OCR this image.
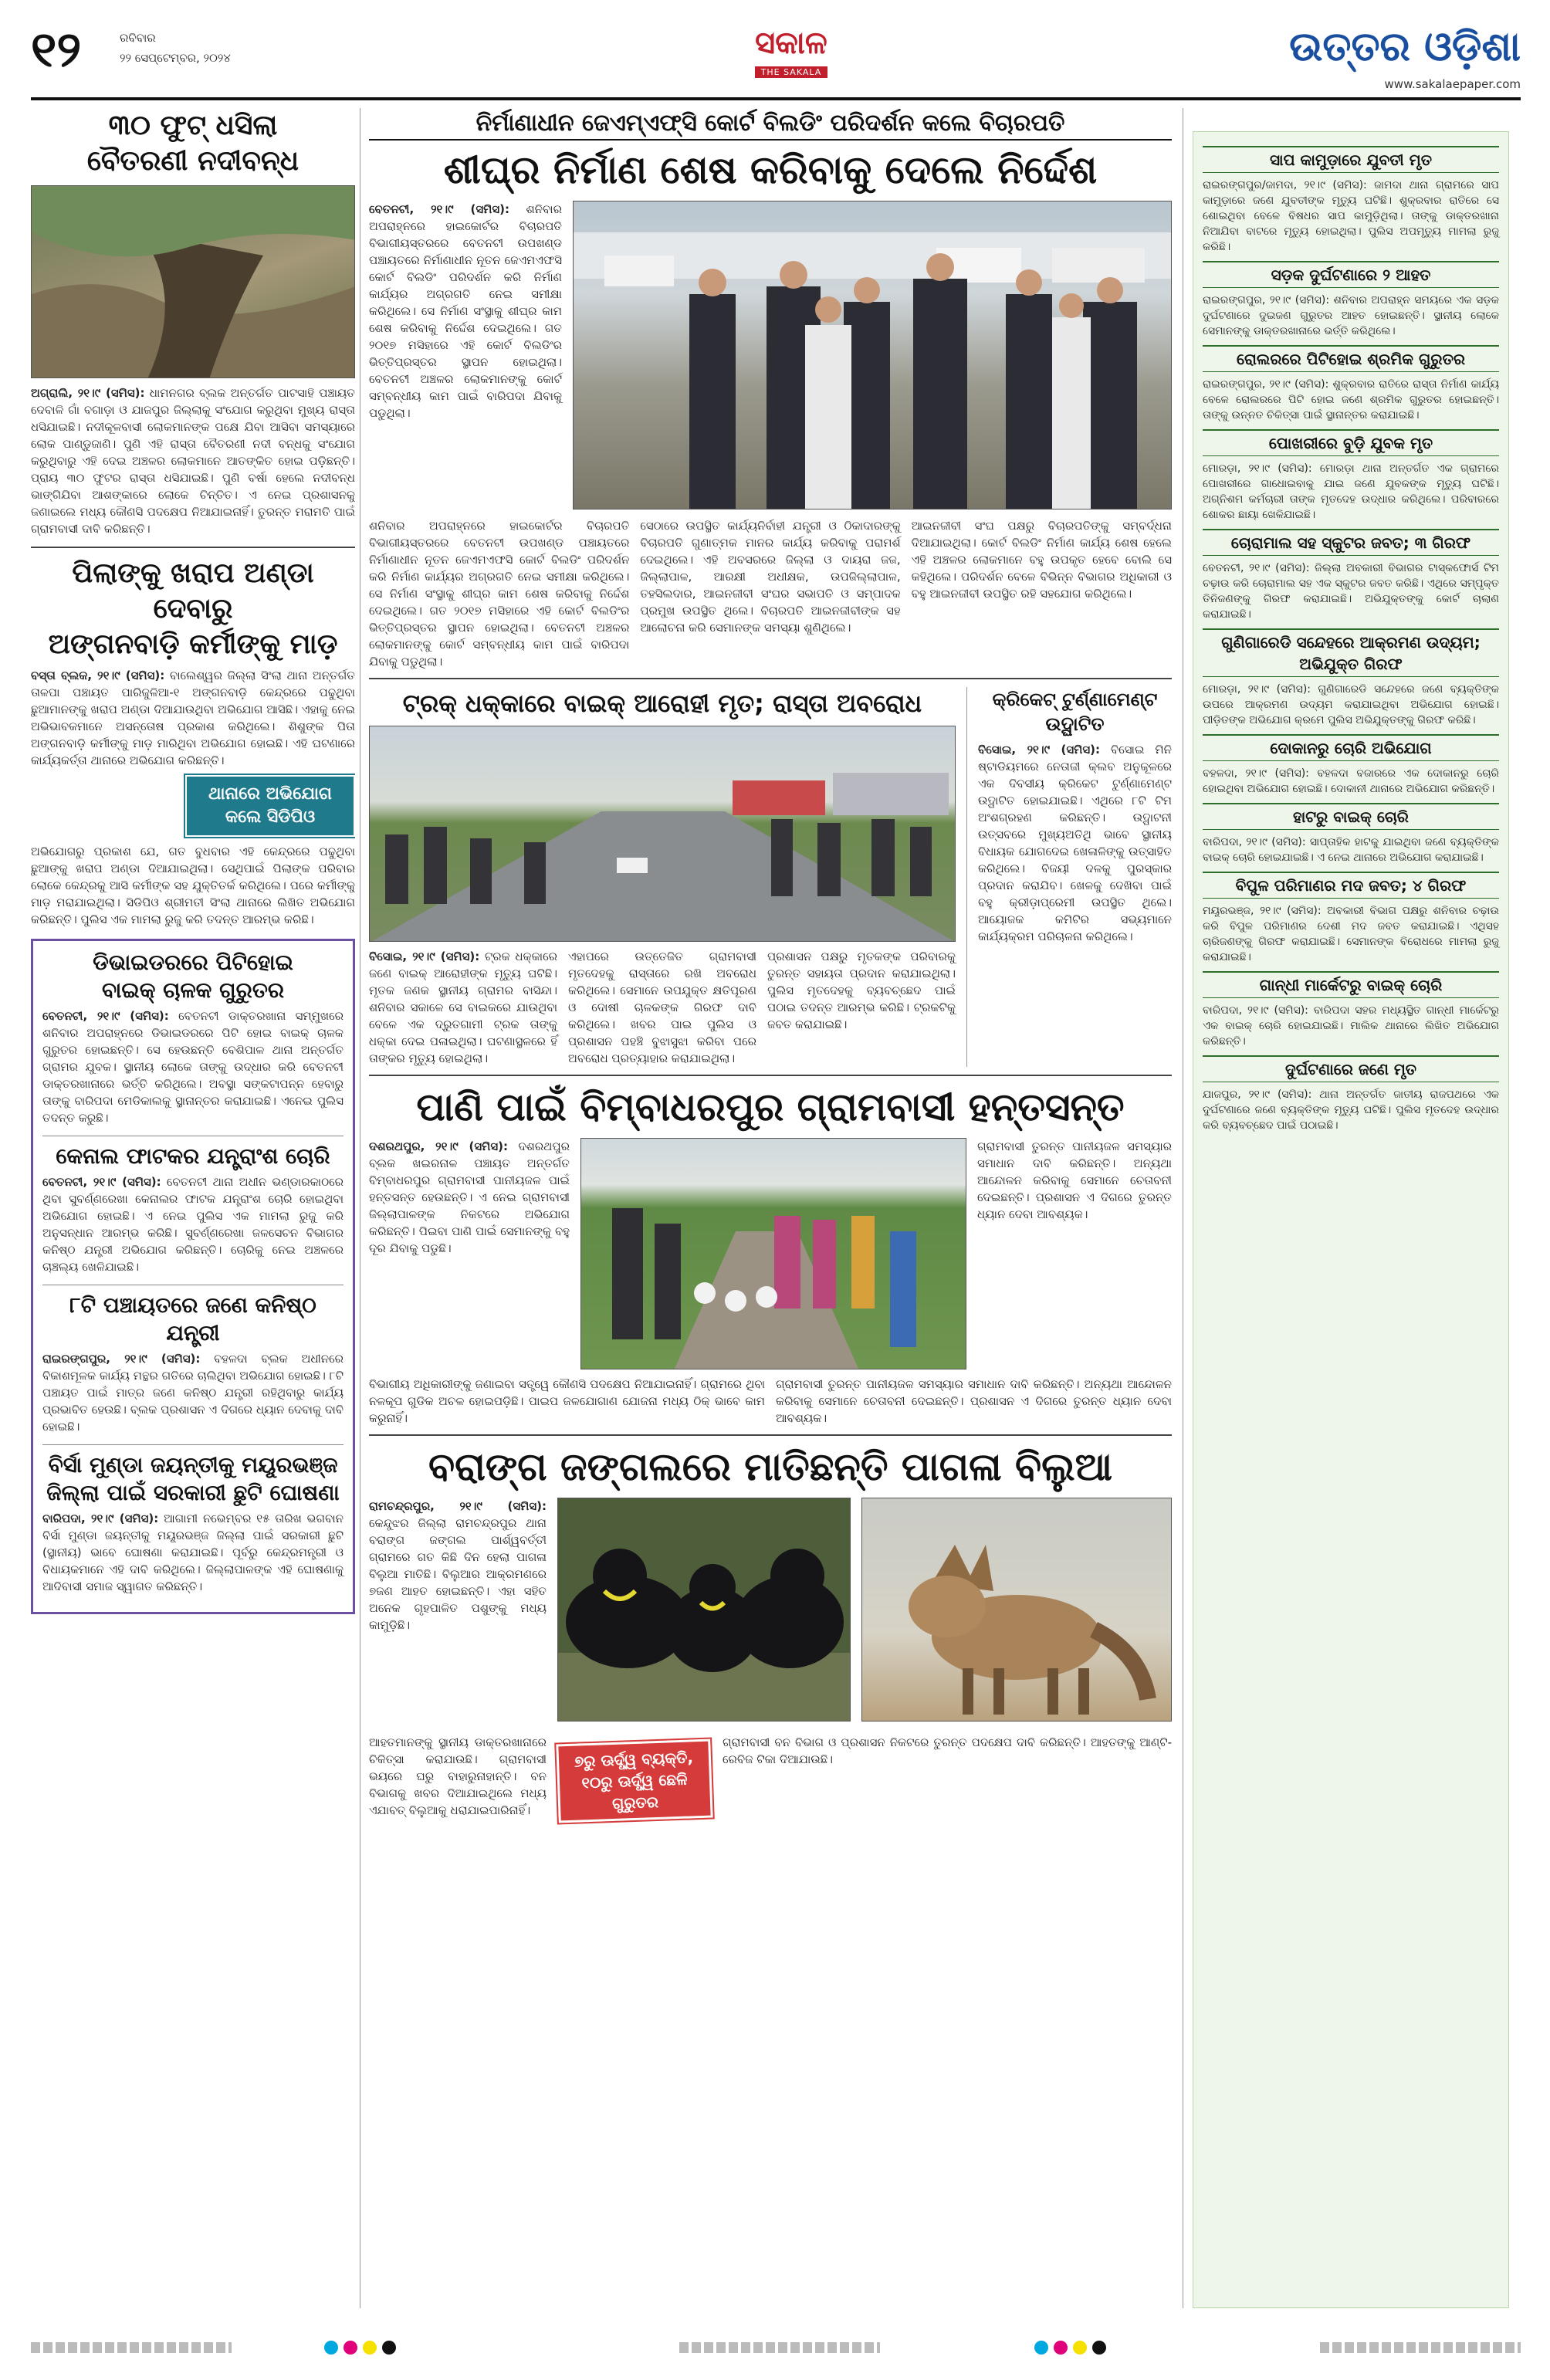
୧୨	ରବିବାର
୨୨ ସେପ୍ଟେମ୍ବର, ୨୦୨୪	ସକାଳ
THE SAKALA
ଉତ୍ତର ଓଡ଼ିଶା
www.sakalaepaper.com
୩୦ ଫୁଟ୍ ଧସିଲା
ବୈତରଣୀ ନଦୀବନ୍ଧ
ଅଗ୍ରାଲି, ୨୧।୯ (ସମିସ): ଧାମନଗର ବ୍ଲକ ଅନ୍ତର୍ଗତ ପାଟସାହି ପଞ୍ଚାୟତ ଦେବାଳି ଗାଁ ବଗାଡ଼ା ଓ ଯାଜପୁର ଜିଲ୍ଲାକୁ ସଂଯୋଗ କରୁଥିବା ମୁଖ୍ୟ ରାସ୍ତା ଧସିଯାଇଛି। ନଦୀକୂଳବାସୀ ଲୋକମାନଙ୍କ ପକ୍ଷେ ଯିବା ଆସିବା ସମସ୍ୟାରେ ଲୋକ ପାଣ୍ଡୁଜାଣି। ପୁଣି ଏହି ରାସ୍ତା ବୈତରଣୀ ନଦୀ ବନ୍ଧକୁ ସଂଯୋଗ କରୁଥିବାରୁ ଏହି ଦେଇ ଅଞ୍ଚଳର ଲୋକମାନେ ଆତଙ୍କିତ ହୋଇ ପଡ଼ିଛନ୍ତି। ପ୍ରାୟ ୩୦ ଫୁଟର ରାସ୍ତା ଧସିଯାଇଛି। ପୁଣି ବର୍ଷା ହେଲେ ନଦୀବନ୍ଧ ଭାଙ୍ଗିଯିବା ଆଶଙ୍କାରେ ଲୋକେ ଚିନ୍ତିତ। ଏ ନେଇ ପ୍ରଶାସନକୁ ଜଣାଇଲେ ମଧ୍ୟ କୌଣସି ପଦକ୍ଷେପ ନିଆଯାଇନାହିଁ। ତୁରନ୍ତ ମରାମତି ପାଇଁ ଗ୍ରାମବାସୀ ଦାବି କରିଛନ୍ତି।
ପିଲାଙ୍କୁ ଖରାପ ଅଣ୍ଡା ଦେବାରୁ
ଅଙ୍ଗନବାଡ଼ି କର୍ମୀଙ୍କୁ ମାଡ଼
ବସ୍ତା ବ୍ଲକ, ୨୧।୯ (ସମିସ): ବାଲେଶ୍ୱର ଜିଲ୍ଲା ସିଂଲା ଥାନା ଅନ୍ତର୍ଗତ ତାଳପା ପଞ୍ଚାୟତ ପାରିଜୁଳିଆ-୧ ଅଙ୍ଗନବାଡ଼ି କେନ୍ଦ୍ରରେ ପଢୁଥିବା ଛୁଆମାନଙ୍କୁ ଖରାପ ଅଣ୍ଡା ଦିଆଯାଉଥିବା ଅଭିଯୋଗ ଆସିଛି। ଏହାକୁ ନେଇ ଅଭିଭାବକମାନେ ଅସନ୍ତୋଷ ପ୍ରକାଶ କରିଥିଲେ। ଶିଶୁଙ୍କ ପିତା ଅଙ୍ଗନବାଡ଼ି କର୍ମୀଙ୍କୁ ମାଡ଼ ମାରିଥିବା ଅଭିଯୋଗ ହୋଇଛି। ଏହି ଘଟଣାରେ କାର୍ଯ୍ୟକର୍ତ୍ତା ଥାନାରେ ଅଭିଯୋଗ କରିଛନ୍ତି।
ଥାନାରେ ଅଭିଯୋଗ କଲେ ସିଡିପିଓ
ଅଭିଯୋଗରୁ ପ୍ରକାଶ ଯେ, ଗତ ବୁଧବାର ଏହି କେନ୍ଦ୍ରରେ ପଢୁଥିବା ଛୁଆଙ୍କୁ ଖରାପ ଅଣ୍ଡା ଦିଆଯାଇଥିଲା। ସେଥିପାଇଁ ପିଲାଙ୍କ ପରିବାର ଲୋକେ କେନ୍ଦ୍ରକୁ ଆସି କର୍ମୀଙ୍କ ସହ ଯୁକ୍ତିତର୍କ କରିଥିଲେ। ପରେ କର୍ମୀଙ୍କୁ ମାଡ଼ ମରାଯାଇଥିଲା। ସିଡିପିଓ ଶ୍ରୀମତୀ ସିଂଲା ଥାନାରେ ଲିଖିତ ଅଭିଯୋଗ କରିଛନ୍ତି। ପୁଲିସ ଏକ ମାମଲା ରୁଜୁ କରି ତଦନ୍ତ ଆରମ୍ଭ କରିଛି।
ଡିଭାଇଡରରେ ପିଟିହୋଇ
ବାଇକ୍ ଚାଳକ ଗୁରୁତର
ବେତନଟୀ, ୨୧।୯ (ସମିସ): ବେତନଟୀ ଡାକ୍ତରଖାନା ସମ୍ମୁଖରେ ଶନିବାର ଅପରାହ୍ନରେ ଡିଭାଇଡରରେ ପିଟି ହୋଇ ବାଇକ୍ ଚାଳକ ଗୁରୁତର ହୋଇଛନ୍ତି। ସେ ହେଉଛନ୍ତି ବେଶିପାଳ ଥାନା ଅନ୍ତର୍ଗତ ଗ୍ରାମର ଯୁବକ। ସ୍ଥାନୀୟ ଲୋକେ ତାଙ୍କୁ ଉଦ୍ଧାର କରି ବେତନଟୀ ଡାକ୍ତରଖାନାରେ ଭର୍ତ୍ତି କରିଥିଲେ। ଅବସ୍ଥା ସଙ୍କଟାପନ୍ନ ହେବାରୁ ତାଙ୍କୁ ବାରିପଦା ମେଡିକାଲକୁ ସ୍ଥାନାନ୍ତର କରାଯାଇଛି। ଏନେଇ ପୁଲିସ ତଦନ୍ତ କରୁଛି।
କେନାଲ ଫାଟକର ଯନ୍ତ୍ରାଂଶ ଚୋରି
ବେତନଟୀ, ୨୧।୯ (ସମିସ): ବେତନଟୀ ଥାନା ଅଧୀନ ଭଣ୍ଡାରକାଠରେ ଥିବା ସୁବର୍ଣ୍ଣରେଖା କେନାଲର ଫାଟକ ଯନ୍ତ୍ରାଂଶ ଚୋରି ହୋଇଥିବା ଅଭିଯୋଗ ହୋଇଛି। ଏ ନେଇ ପୁଲିସ ଏକ ମାମଲା ରୁଜୁ କରି ଅନୁସନ୍ଧାନ ଆରମ୍ଭ କରିଛି। ସୁବର୍ଣ୍ଣରେଖା ଜଳସେଚନ ବିଭାଗର କନିଷ୍ଠ ଯନ୍ତ୍ରୀ ଅଭିଯୋଗ କରିଛନ୍ତି। ଚୋରିକୁ ନେଇ ଅଞ୍ଚଳରେ ଚାଞ୍ଚଲ୍ୟ ଖେଳିଯାଇଛି।
୮ଟି ପଞ୍ଚାୟତରେ ଜଣେ କନିଷ୍ଠ ଯନ୍ତ୍ରୀ
ରାଇରଙ୍ଗପୁର, ୨୧।୯ (ସମିସ): ବହଳଦା ବ୍ଲକ ଅଧୀନରେ ବିକାଶମୂଳକ କାର୍ଯ୍ୟ ମନ୍ଥର ଗତିରେ ଚାଲିଥିବା ଅଭିଯୋଗ ହୋଇଛି। ୮ଟି ପଞ୍ଚାୟତ ପାଇଁ ମାତ୍ର ଜଣେ କନିଷ୍ଠ ଯନ୍ତ୍ରୀ ରହିଥିବାରୁ କାର୍ଯ୍ୟ ପ୍ରଭାବିତ ହେଉଛି। ବ୍ଲକ ପ୍ରଶାସନ ଏ ଦିଗରେ ଧ୍ୟାନ ଦେବାକୁ ଦାବି ହୋଇଛି।
ବିର୍ସା ମୁଣ୍ଡା ଜୟନ୍ତୀକୁ ମୟୂରଭଞ୍ଜ
ଜିଲ୍ଲା ପାଇଁ ସରକାରୀ ଛୁଟି ଘୋଷଣା
ବାରିପଦା, ୨୧।୯ (ସମିସ): ଆଗାମୀ ନଭେମ୍ବର ୧୫ ତାରିଖ ଭଗବାନ ବିର୍ସା ମୁଣ୍ଡା ଜୟନ୍ତୀକୁ ମୟୂରଭଞ୍ଜ ଜିଲ୍ଲା ପାଇଁ ସରକାରୀ ଛୁଟି (ସ୍ଥାନୀୟ) ଭାବେ ଘୋଷଣା କରାଯାଇଛି। ପୂର୍ବରୁ କେନ୍ଦ୍ରମନ୍ତ୍ରୀ ଓ ବିଧାୟକମାନେ ଏହି ଦାବି କରିଥିଲେ। ଜିଲ୍ଲାପାଳଙ୍କ ଏହି ଘୋଷଣାକୁ ଆଦିବାସୀ ସମାଜ ସ୍ୱାଗତ କରିଛନ୍ତି।
ନିର୍ମାଣାଧୀନ ଜେଏମ୍ଏଫ୍ସି କୋର୍ଟ ବିଲଡିଂ ପରିଦର୍ଶନ କଲେ ବିଚାରପତି
ଶୀଘ୍ର ନିର୍ମାଣ ଶେଷ କରିବାକୁ ଦେଲେ ନିର୍ଦ୍ଦେଶ
ବେତନଟୀ, ୨୧।୯ (ସମିସ): ଶନିବାର ଅପରାହ୍ନରେ ହାଇକୋର୍ଟର ବିଚାରପତି ବିଭାଗୀୟସ୍ତରରେ ବେତନଟୀ ଉପଖଣ୍ଡ ପଞ୍ଚାୟତରେ ନିର୍ମାଣାଧୀନ ନୂତନ ଜେଏମଏଫସି କୋର୍ଟ ବିଲଡିଂ ପରିଦର୍ଶନ କରି ନିର୍ମାଣ କାର୍ଯ୍ୟର ଅଗ୍ରଗତି ନେଇ ସମୀକ୍ଷା କରିଥିଲେ। ସେ ନିର୍ମାଣ ସଂସ୍ଥାକୁ ଶୀଘ୍ର କାମ ଶେଷ କରିବାକୁ ନିର୍ଦ୍ଦେଶ ଦେଇଥିଲେ। ଗତ ୨୦୧୭ ମସିହାରେ ଏହି କୋର୍ଟ ବିଲଡିଂର ଭିତ୍ତିପ୍ରସ୍ତର ସ୍ଥାପନ ହୋଇଥିଲା। ବେତନଟୀ ଅଞ୍ଚଳର ଲୋକମାନଙ୍କୁ କୋର୍ଟ ସମ୍ବନ୍ଧୀୟ କାମ ପାଇଁ ବାରିପଦା ଯିବାକୁ ପଡୁଥିଲା।
ଶନିବାର ଅପରାହ୍ନରେ ହାଇକୋର୍ଟର ବିଚାରପତି ବିଭାଗୀୟସ୍ତରରେ ବେତନଟୀ ଉପଖଣ୍ଡ ପଞ୍ଚାୟତରେ ନିର୍ମାଣାଧୀନ ନୂତନ ଜେଏମଏଫସି କୋର୍ଟ ବିଲଡିଂ ପରିଦର୍ଶନ କରି ନିର୍ମାଣ କାର୍ଯ୍ୟର ଅଗ୍ରଗତି ନେଇ ସମୀକ୍ଷା କରିଥିଲେ। ସେ ନିର୍ମାଣ ସଂସ୍ଥାକୁ ଶୀଘ୍ର କାମ ଶେଷ କରିବାକୁ ନିର୍ଦ୍ଦେଶ ଦେଇଥିଲେ। ଗତ ୨୦୧୭ ମସିହାରେ ଏହି କୋର୍ଟ ବିଲଡିଂର ଭିତ୍ତିପ୍ରସ୍ତର ସ୍ଥାପନ ହୋଇଥିଲା। ବେତନଟୀ ଅଞ୍ଚଳର ଲୋକମାନଙ୍କୁ କୋର୍ଟ ସମ୍ବନ୍ଧୀୟ କାମ ପାଇଁ ବାରିପଦା ଯିବାକୁ ପଡୁଥିଲା।
ସେଠାରେ ଉପସ୍ଥିତ କାର୍ଯ୍ୟନିର୍ବାହୀ ଯନ୍ତ୍ରୀ ଓ ଠିକାଦାରଙ୍କୁ ବିଚାରପତି ଗୁଣାତ୍ମକ ମାନର କାର୍ଯ୍ୟ କରିବାକୁ ପରାମର୍ଶ ଦେଇଥିଲେ। ଏହି ଅବସରରେ ଜିଲ୍ଲା ଓ ଦାୟରା ଜଜ, ଜିଲ୍ଲାପାଳ, ଆରକ୍ଷୀ ଅଧୀକ୍ଷକ, ଉପଜିଲ୍ଲାପାଳ, ତହସିଲଦାର, ଆଇନଜୀବୀ ସଂଘର ସଭାପତି ଓ ସମ୍ପାଦକ ପ୍ରମୁଖ ଉପସ୍ଥିତ ଥିଲେ। ବିଚାରପତି ଆଇନଜୀବୀଙ୍କ ସହ ଆଲୋଚନା କରି ସେମାନଙ୍କ ସମସ୍ୟା ଶୁଣିଥିଲେ।
ଆଇନଜୀବୀ ସଂଘ ପକ୍ଷରୁ ବିଚାରପତିଙ୍କୁ ସମ୍ବର୍ଦ୍ଧନା ଦିଆଯାଇଥିଲା। କୋର୍ଟ ବିଲଡିଂ ନିର୍ମାଣ କାର୍ଯ୍ୟ ଶେଷ ହେଲେ ଏହି ଅଞ୍ଚଳର ଲୋକମାନେ ବହୁ ଉପକୃତ ହେବେ ବୋଲି ସେ କହିଥିଲେ। ପରିଦର୍ଶନ ବେଳେ ବିଭିନ୍ନ ବିଭାଗର ଅଧିକାରୀ ଓ ବହୁ ଆଇନଜୀବୀ ଉପସ୍ଥିତ ରହି ସହଯୋଗ କରିଥିଲେ।
ଟ୍ରକ୍ ଧକ୍କାରେ ବାଇକ୍ ଆରୋହୀ ମୃତ; ରାସ୍ତା ଅବରୋଧ
ବିସୋଇ, ୨୧।୯ (ସମିସ): ଟ୍ରକ ଧକ୍କାରେ ଜଣେ ବାଇକ୍ ଆରୋହୀଙ୍କ ମୃତ୍ୟୁ ଘଟିଛି। ମୃତକ ଜଣକ ସ୍ଥାନୀୟ ଗ୍ରାମର ବାସିନ୍ଦା। ଶନିବାର ସକାଳେ ସେ ବାଇକରେ ଯାଉଥିବା ବେଳେ ଏକ ଦ୍ରୁତଗାମୀ ଟ୍ରକ ତାଙ୍କୁ ଧକ୍କା ଦେଇ ପଳାଇଥିଲା। ଘଟଣାସ୍ଥଳରେ ହିଁ ତାଙ୍କର ମୃତ୍ୟୁ ହୋଇଥିଲା।
ଏହାପରେ ଉତ୍ତେଜିତ ଗ୍ରାମବାସୀ ମୃତଦେହକୁ ରାସ୍ତାରେ ରଖି ଅବରୋଧ କରିଥିଲେ। ସେମାନେ ଉପଯୁକ୍ତ କ୍ଷତିପୂରଣ ଓ ଦୋଷୀ ଚାଳକଙ୍କ ଗିରଫ ଦାବି କରିଥିଲେ। ଖବର ପାଇ ପୁଲିସ ଓ ପ୍ରଶାସନ ପହଞ୍ଚି ବୁଝାସୁଝା କରିବା ପରେ ଅବରୋଧ ପ୍ରତ୍ୟାହାର କରାଯାଇଥିଲା।
ପ୍ରଶାସନ ପକ୍ଷରୁ ମୃତକଙ୍କ ପରିବାରକୁ ତୁରନ୍ତ ସହାୟତା ପ୍ରଦାନ କରାଯାଇଥିଲା। ପୁଲିସ ମୃତଦେହକୁ ବ୍ୟବଚ୍ଛେଦ ପାଇଁ ପଠାଇ ତଦନ୍ତ ଆରମ୍ଭ କରିଛି। ଟ୍ରକଟିକୁ ଜବତ କରାଯାଇଛି।
କ୍ରିକେଟ୍ ଟୁର୍ଣ୍ଣାମେଣ୍ଟ ଉଦ୍ଘାଟିତ
ବିସୋଇ, ୨୧।୯ (ସମିସ): ବିସୋଇ ମିନି ଷ୍ଟାଡିୟମରେ ନେତାଜୀ କ୍ଲବ ଅନୁକୂଳରେ ଏକ ଦିବସୀୟ କ୍ରିକେଟ ଟୁର୍ଣ୍ଣାମେଣ୍ଟ ଉଦ୍ଘାଟିତ ହୋଇଯାଇଛି। ଏଥିରେ ୮ଟି ଟିମ ଅଂଶଗ୍ରହଣ କରିଛନ୍ତି। ଉଦ୍ଘାଟନୀ ଉତ୍ସବରେ ମୁଖ୍ୟଅତିଥି ଭାବେ ସ୍ଥାନୀୟ ବିଧାୟକ ଯୋଗଦେଇ ଖେଳାଳିଙ୍କୁ ଉତ୍ସାହିତ କରିଥିଲେ। ବିଜୟୀ ଦଳକୁ ପୁରସ୍କାର ପ୍ରଦାନ କରାଯିବ। ଖେଳକୁ ଦେଖିବା ପାଇଁ ବହୁ କ୍ରୀଡ଼ାପ୍ରେମୀ ଉପସ୍ଥିତ ଥିଲେ। ଆୟୋଜକ କମିଟିର ସଭ୍ୟମାନେ କାର୍ଯ୍ୟକ୍ରମ ପରିଚାଳନା କରିଥିଲେ।
ପାଣି ପାଇଁ ବିମ୍ବାଧରପୁର ଗ୍ରାମବାସୀ ହନ୍ତସନ୍ତ
ଦଶରଥପୁର, ୨୧।୯ (ସମିସ): ଦଶରଥପୁର ବ୍ଲକ ଖଇରନାଳ ପଞ୍ଚାୟତ ଅନ୍ତର୍ଗତ ବିମ୍ବାଧରପୁର ଗ୍ରାମବାସୀ ପାନୀୟଜଳ ପାଇଁ ହନ୍ତସନ୍ତ ହେଉଛନ୍ତି। ଏ ନେଇ ଗ୍ରାମବାସୀ ଜିଲ୍ଲାପାଳଙ୍କ ନିକଟରେ ଅଭିଯୋଗ କରିଛନ୍ତି। ପିଇବା ପାଣି ପାଇଁ ସେମାନଙ୍କୁ ବହୁ ଦୂର ଯିବାକୁ ପଡୁଛି।
ଗ୍ରାମବାସୀ ତୁରନ୍ତ ପାନୀୟଜଳ ସମସ୍ୟାର ସମାଧାନ ଦାବି କରିଛନ୍ତି। ଅନ୍ୟଥା ଆନ୍ଦୋଳନ କରିବାକୁ ସେମାନେ ଚେତାବନୀ ଦେଇଛନ୍ତି। ପ୍ରଶାସନ ଏ ଦିଗରେ ତୁରନ୍ତ ଧ୍ୟାନ ଦେବା ଆବଶ୍ୟକ।
ବିଭାଗୀୟ ଅଧିକାରୀଙ୍କୁ ଜଣାଇବା ସତ୍ତ୍ୱେ କୌଣସି ପଦକ୍ଷେପ ନିଆଯାଇନାହିଁ। ଗ୍ରାମରେ ଥିବା ନଳକୂପ ଗୁଡିକ ଅଚଳ ହୋଇପଡ଼ିଛି। ପାଇପ ଜଳଯୋଗାଣ ଯୋଜନା ମଧ୍ୟ ଠିକ୍ ଭାବେ କାମ କରୁନାହିଁ।
ଗ୍ରାମବାସୀ ତୁରନ୍ତ ପାନୀୟଜଳ ସମସ୍ୟାର ସମାଧାନ ଦାବି କରିଛନ୍ତି। ଅନ୍ୟଥା ଆନ୍ଦୋଳନ କରିବାକୁ ସେମାନେ ଚେତାବନୀ ଦେଇଛନ୍ତି। ପ୍ରଶାସନ ଏ ଦିଗରେ ତୁରନ୍ତ ଧ୍ୟାନ ଦେବା ଆବଶ୍ୟକ।
ବରାଙ୍ଗ ଜଙ୍ଗଲରେ ମାତିଛନ୍ତି ପାଗଳା ବିଲୁଆ
ରାମଚନ୍ଦ୍ରପୁର, ୨୧।୯ (ସମିସ): କେନ୍ଦୁଝର ଜିଲ୍ଲା ରାମଚନ୍ଦ୍ରପୁର ଥାନା ବରାଙ୍ଗ ଜଙ୍ଗଲ ପାର୍ଶ୍ୱବର୍ତ୍ତୀ ଗ୍ରାମରେ ଗତ କିଛି ଦିନ ହେଲା ପାଗଳା ବିଲୁଆ ମାତିଛି। ବିଲୁଆର ଆକ୍ରମଣରେ ୭ଜଣ ଆହତ ହୋଇଛନ୍ତି। ଏହା ସହିତ ଅନେକ ଗୃହପାଳିତ ପଶୁଙ୍କୁ ମଧ୍ୟ କାମୁଡ଼ିଛି।
ଆହତମାନଙ୍କୁ ସ୍ଥାନୀୟ ଡାକ୍ତରଖାନାରେ ଚିକିତ୍ସା କରାଯାଉଛି। ଗ୍ରାମବାସୀ ଭୟରେ ଘରୁ ବାହାରୁନାହାନ୍ତି। ବନ ବିଭାଗକୁ ଖବର ଦିଆଯାଇଥିଲେ ମଧ୍ୟ ଏଯାବତ୍ ବିଲୁଆକୁ ଧରାଯାଇପାରିନାହିଁ।
୭ରୁ ଊର୍ଦ୍ଧ୍ୱ ବ୍ୟକ୍ତି,
୧୦ରୁ ଊର୍ଦ୍ଧ୍ୱ ଛେଳି
ଗୁରୁତର
ଗ୍ରାମବାସୀ ବନ ବିଭାଗ ଓ ପ୍ରଶାସନ ନିକଟରେ ତୁରନ୍ତ ପଦକ୍ଷେପ ଦାବି କରିଛନ୍ତି। ଆହତଙ୍କୁ ଆଣ୍ଟି-ରେବିଜ ଟିକା ଦିଆଯାଉଛି।
ସାପ କାମୁଡ଼ାରେ ଯୁବତୀ ମୃତ
ରାଇରଙ୍ଗପୁର/ଜାମଦା, ୨୧।୯ (ସମିସ): ଜାମଦା ଥାନା ଗ୍ରାମରେ ସାପ କାମୁଡ଼ାରେ ଜଣେ ଯୁବତୀଙ୍କ ମୃତ୍ୟୁ ଘଟିଛି। ଶୁକ୍ରବାର ରାତିରେ ସେ ଶୋଇଥିବା ବେଳେ ବିଷଧର ସାପ କାମୁଡ଼ିଥିଲା। ତାଙ୍କୁ ଡାକ୍ତରଖାନା ନିଆଯିବା ବାଟରେ ମୃତ୍ୟୁ ହୋଇଥିଲା। ପୁଲିସ ଅପମୃତ୍ୟୁ ମାମଲା ରୁଜୁ କରିଛି।
ସଡ଼କ ଦୁର୍ଘଟଣାରେ ୨ ଆହତ
ରାଇରଙ୍ଗପୁର, ୨୧।୯ (ସମିସ): ଶନିବାର ଅପରାହ୍ନ ସମୟରେ ଏକ ସଡ଼କ ଦୁର୍ଘଟଣାରେ ଦୁଇଜଣ ଗୁରୁତର ଆହତ ହୋଇଛନ୍ତି। ସ୍ଥାନୀୟ ଲୋକେ ସେମାନଙ୍କୁ ଡାକ୍ତରଖାନାରେ ଭର୍ତ୍ତି କରିଥିଲେ।
ରୋଲରରେ ପିଟିହୋଇ ଶ୍ରମିକ ଗୁରୁତର
ରାଇରଙ୍ଗପୁର, ୨୧।୯ (ସମିସ): ଶୁକ୍ରବାର ରାତିରେ ରାସ୍ତା ନିର୍ମାଣ କାର୍ଯ୍ୟ ବେଳେ ରୋଲରରେ ପିଟି ହୋଇ ଜଣେ ଶ୍ରମିକ ଗୁରୁତର ହୋଇଛନ୍ତି। ତାଙ୍କୁ ଉନ୍ନତ ଚିକିତ୍ସା ପାଇଁ ସ୍ଥାନାନ୍ତର କରାଯାଇଛି।
ପୋଖରୀରେ ବୁଡ଼ି ଯୁବକ ମୃତ
ମୋରଡ଼ା, ୨୧।୯ (ସମିସ): ମୋରଡ଼ା ଥାନା ଅନ୍ତର୍ଗତ ଏକ ଗ୍ରାମରେ ପୋଖରୀରେ ଗାଧୋଇବାକୁ ଯାଇ ଜଣେ ଯୁବକଙ୍କ ମୃତ୍ୟୁ ଘଟିଛି। ଅଗ୍ନିଶମ କର୍ମଚାରୀ ତାଙ୍କ ମୃତଦେହ ଉଦ୍ଧାର କରିଥିଲେ। ପରିବାରରେ ଶୋକର ଛାୟା ଖେଳିଯାଇଛି।
ଚୋରାମାଲ ସହ ସ୍କୁଟର ଜବତ; ୩ ଗିରଫ
ବେତନଟୀ, ୨୧।୯ (ସମିସ): ଜିଲ୍ଲା ଅବକାରୀ ବିଭାଗର ଟାସ୍କଫୋର୍ସ ଟିମ ଚଢ଼ାଉ କରି ଚୋରାମାଲ ସହ ଏକ ସ୍କୁଟର ଜବତ କରିଛି। ଏଥିରେ ସମ୍ପୃକ୍ତ ତିନିଜଣଙ୍କୁ ଗିରଫ କରାଯାଇଛି। ଅଭିଯୁକ୍ତଙ୍କୁ କୋର୍ଟ ଚାଲାଣ କରାଯାଇଛି।
ଗୁଣିଗାରେଡି ସନ୍ଦେହରେ ଆକ୍ରମଣ ଉଦ୍ୟମ; ଅଭିଯୁକ୍ତ ଗିରଫ
ମୋରଡ଼ା, ୨୧।୯ (ସମିସ): ଗୁଣିଗାରେଡି ସନ୍ଦେହରେ ଜଣେ ବ୍ୟକ୍ତିଙ୍କ ଉପରେ ଆକ୍ରମଣ ଉଦ୍ୟମ କରାଯାଇଥିବା ଅଭିଯୋଗ ହୋଇଛି। ପୀଡ଼ିତଙ୍କ ଅଭିଯୋଗ କ୍ରମେ ପୁଲିସ ଅଭିଯୁକ୍ତଙ୍କୁ ଗିରଫ କରିଛି।
ଦୋକାନରୁ ଚୋରି ଅଭିଯୋଗ
ବହଳଦା, ୨୧।୯ (ସମିସ): ବହଳଦା ବଜାରରେ ଏକ ଦୋକାନରୁ ଚୋରି ହୋଇଥିବା ଅଭିଯୋଗ ହୋଇଛି। ଦୋକାନୀ ଥାନାରେ ଅଭିଯୋଗ କରିଛନ୍ତି।
ହାଟରୁ ବାଇକ୍ ଚୋରି
ବାରିପଦା, ୨୧।୯ (ସମିସ): ସାପ୍ତାହିକ ହାଟକୁ ଯାଇଥିବା ଜଣେ ବ୍ୟକ୍ତିଙ୍କ ବାଇକ୍ ଚୋରି ହୋଇଯାଇଛି। ଏ ନେଇ ଥାନାରେ ଅଭିଯୋଗ କରାଯାଇଛି।
ବିପୁଳ ପରିମାଣର ମଦ ଜବତ; ୪ ଗିରଫ
ମୟୂରଭଞ୍ଜ, ୨୧।୯ (ସମିସ): ଅବକାରୀ ବିଭାଗ ପକ୍ଷରୁ ଶନିବାର ଚଢ଼ାଉ କରି ବିପୁଳ ପରିମାଣର ଦେଶୀ ମଦ ଜବତ କରାଯାଇଛି। ଏଥିସହ ଚାରିଜଣଙ୍କୁ ଗିରଫ କରାଯାଇଛି। ସେମାନଙ୍କ ବିରୋଧରେ ମାମଲା ରୁଜୁ କରାଯାଇଛି।
ଗାନ୍ଧୀ ମାର୍କେଟରୁ ବାଇକ୍ ଚୋରି
ବାରିପଦା, ୨୧।୯ (ସମିସ): ବାରିପଦା ସହର ମଧ୍ୟସ୍ଥିତ ଗାନ୍ଧୀ ମାର୍କେଟରୁ ଏକ ବାଇକ୍ ଚୋରି ହୋଇଯାଇଛି। ମାଲିକ ଥାନାରେ ଲିଖିତ ଅଭିଯୋଗ କରିଛନ୍ତି।
ଦୁର୍ଘଟଣାରେ ଜଣେ ମୃତ
ଯାଜପୁର, ୨୧।୯ (ସମିସ): ଥାନା ଅନ୍ତର୍ଗତ ଜାତୀୟ ରାଜପଥରେ ଏକ ଦୁର୍ଘଟଣାରେ ଜଣେ ବ୍ୟକ୍ତିଙ୍କ ମୃତ୍ୟୁ ଘଟିଛି। ପୁଲିସ ମୃତଦେହ ଉଦ୍ଧାର କରି ବ୍ୟବଚ୍ଛେଦ ପାଇଁ ପଠାଇଛି।
